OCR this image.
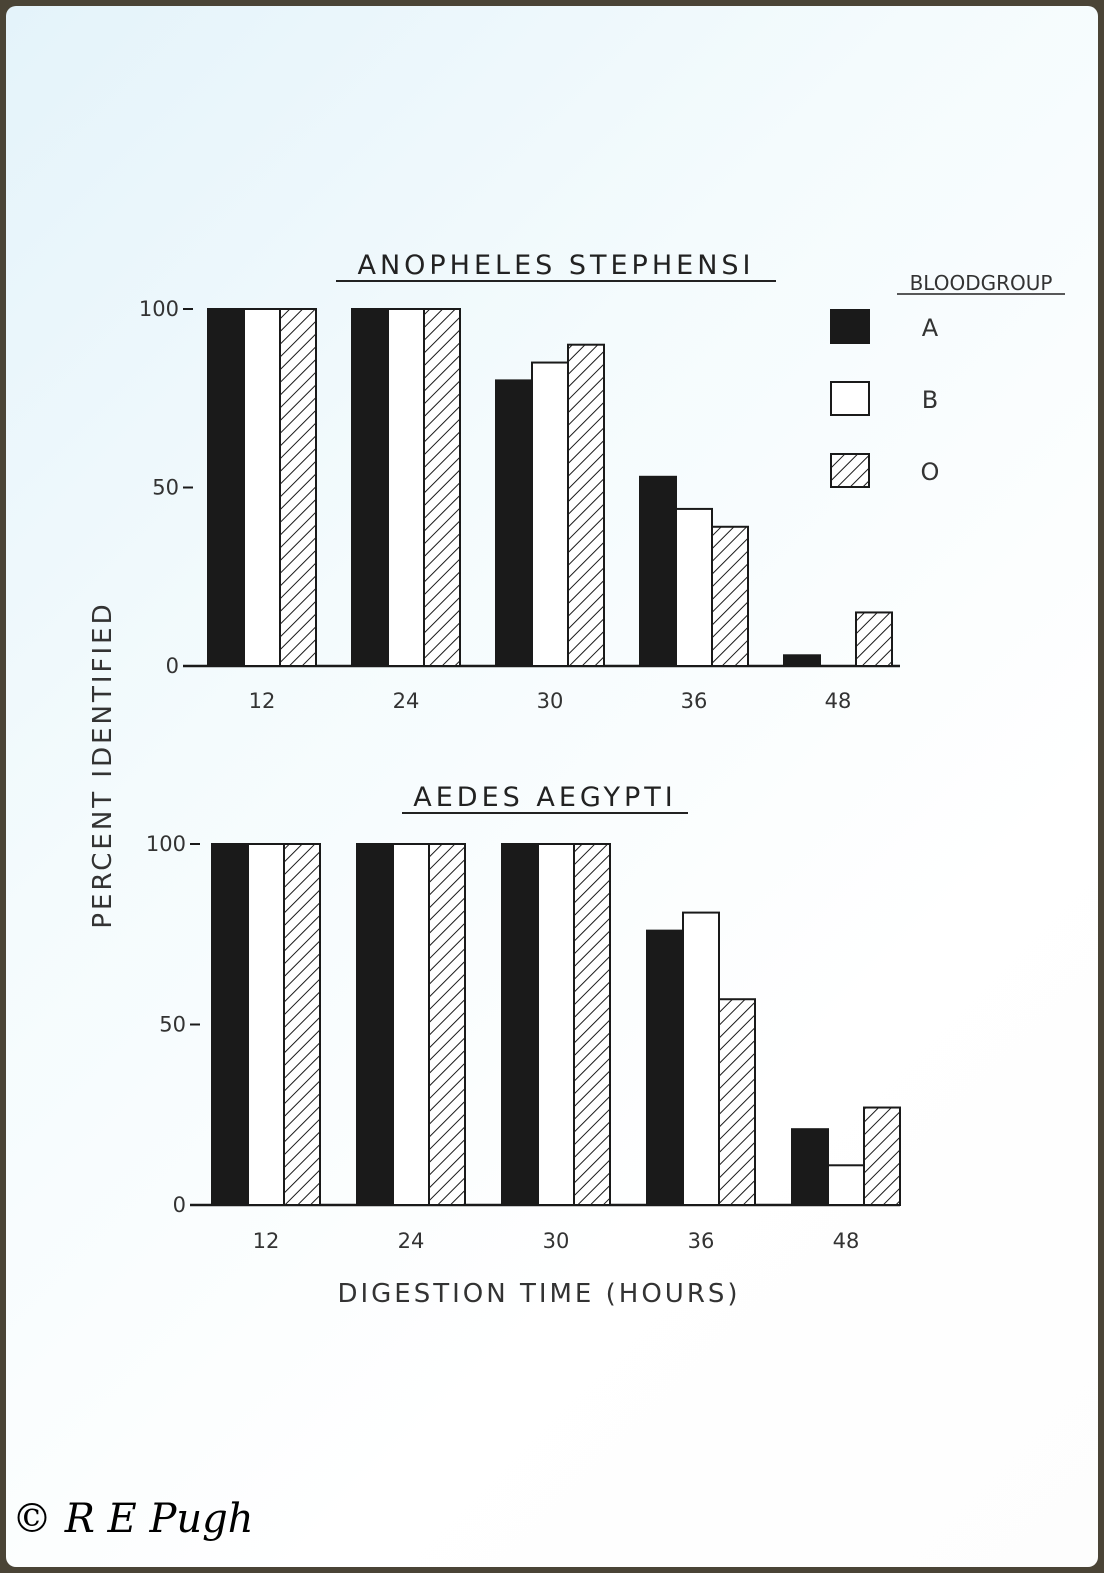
ANOPHELES STEPHENSI
AEDES AEGYPTI
PERCENT IDENTIFIED
DIGESTION TIME (HOURS)
BLOODGROUP
A
B
O
100
50
0
12	24	30	36	48
100
50
0
12	24	30	36	48
© R E Pugh
